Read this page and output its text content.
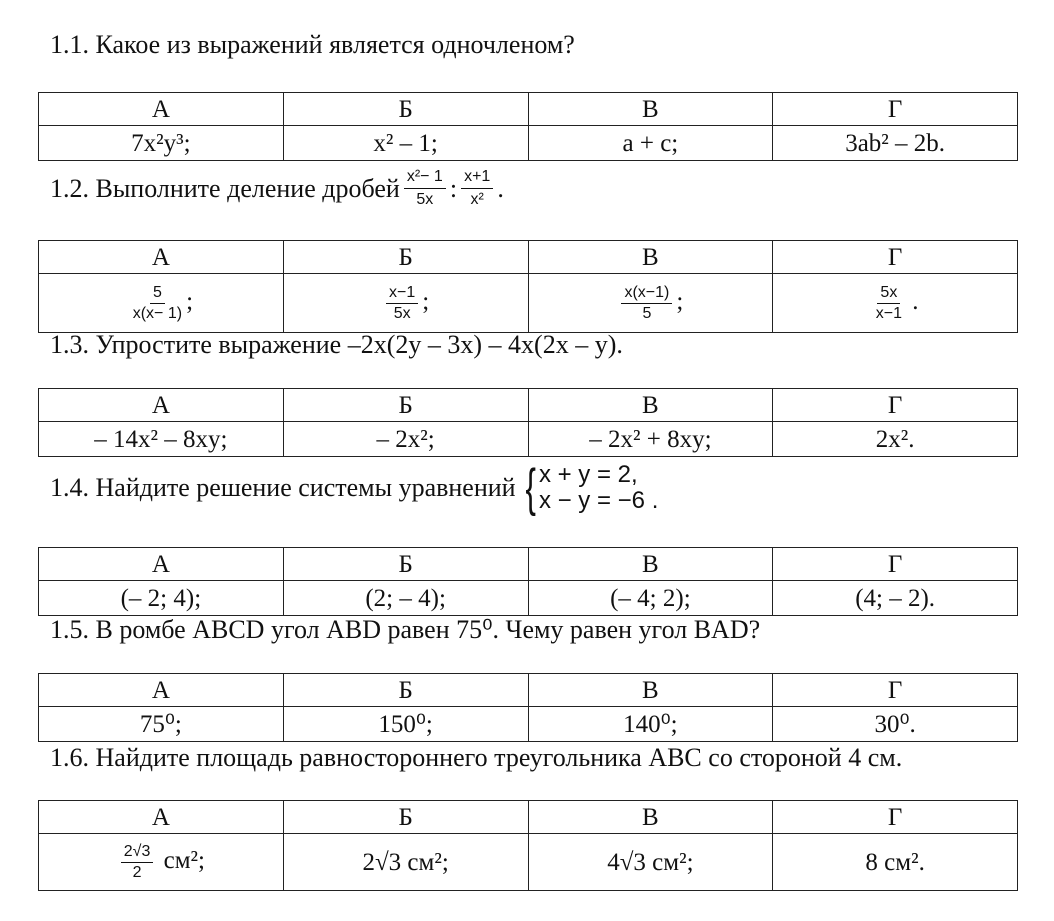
1.1. Какое из выражений является одночленом?
А	Б	В	Г
7x²y³;	x² – 1;	a + c;	3ab² – 2b.
1.2. Выполните деление дробей $\frac{\text{x²− 1}}{5x}$ : $\frac{x+1}{\text{x²}}$ .
А	Б	В	Г

$\frac{5}{x(x- 1)}$ ;	$\frac{x-1}{5x}$ ;	$\frac{x(x-1)}{5}$ ;	$\frac{5x}{x-1}$ .
1.3. Упростите выражение –2x(2y – 3x) – 4x(2x – y).
А	Б	В	Г
– 14x² – 8xy;	– 2x²;	– 2x² + 8xy;	2x².
1.4. Найдите решение системы уравнений { x + y = 2,
x − y = −6 .
А	Б	В	Г
(– 2; 4);	(2; – 4);	(– 4; 2);	(4; – 2).
1.5. В ромбе ABCD угол ABD равен 75⁰. Чему равен угол BAD?
А	Б	В	Г
75⁰;	150⁰;	140⁰;	30⁰.
1.6. Найдите площадь равностороннего треугольника ABC со стороной 4 см.
А	Б	В	Г

$\frac{2√3}{2} см^2$;	2√3 см²;	4√3 см²;	8 см².
